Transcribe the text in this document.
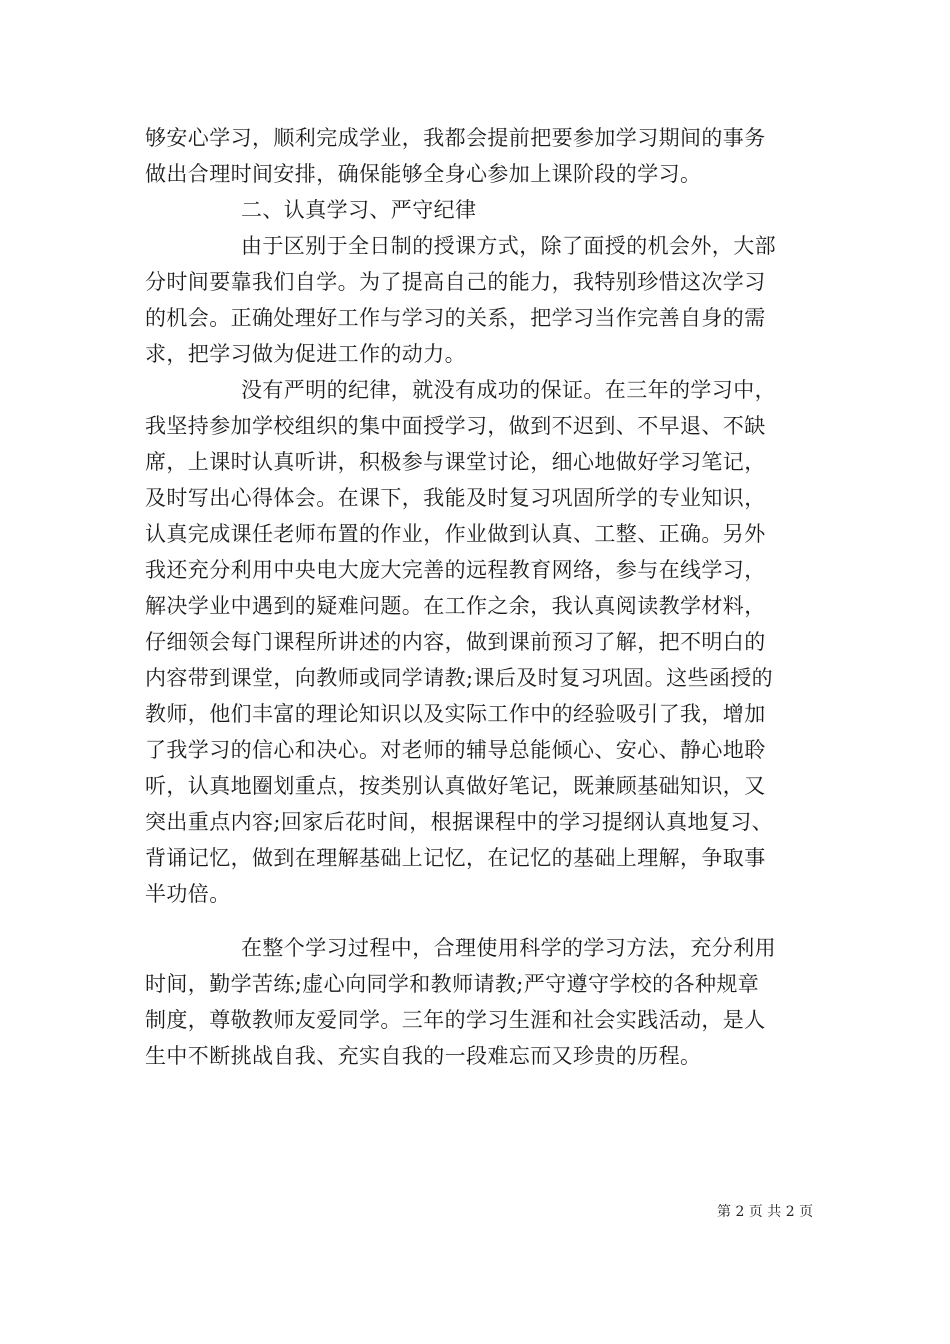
够安心学习，顺利完成学业，我都会提前把要参加学习期间的事务
做出合理时间安排，确保能够全身心参加上课阶段的学习。
二、认真学习、严守纪律
由于区别于全日制的授课方式，除了面授的机会外，大部
分时间要靠我们自学。为了提高自己的能力，我特别珍惜这次学习
的机会。正确处理好工作与学习的关系，把学习当作完善自身的需
求，把学习做为促进工作的动力。
没有严明的纪律，就没有成功的保证。在三年的学习中，
我坚持参加学校组织的集中面授学习，做到不迟到、不早退、不缺
席，上课时认真听讲，积极参与课堂讨论，细心地做好学习笔记，
及时写出心得体会。在课下，我能及时复习巩固所学的专业知识，
认真完成课任老师布置的作业，作业做到认真、工整、正确。另外
我还充分利用中央电大庞大完善的远程教育网络，参与在线学习，
解决学业中遇到的疑难问题。在工作之余，我认真阅读教学材料，
仔细领会每门课程所讲述的内容，做到课前预习了解，把不明白的
内容带到课堂，向教师或同学请教;课后及时复习巩固。这些函授的
教师，他们丰富的理论知识以及实际工作中的经验吸引了我，增加
了我学习的信心和决心。对老师的辅导总能倾心、安心、静心地聆
听，认真地圈划重点，按类别认真做好笔记，既兼顾基础知识，又
突出重点内容;回家后花时间，根据课程中的学习提纲认真地复习、
背诵记忆，做到在理解基础上记忆，在记忆的基础上理解，争取事
半功倍。
在整个学习过程中，合理使用科学的学习方法，充分利用
时间，勤学苦练;虚心向同学和教师请教;严守遵守学校的各种规章
制度，尊敬教师友爱同学。三年的学习生涯和社会实践活动，是人
生中不断挑战自我、充实自我的一段难忘而又珍贵的历程。
第 2 页 共 2 页
